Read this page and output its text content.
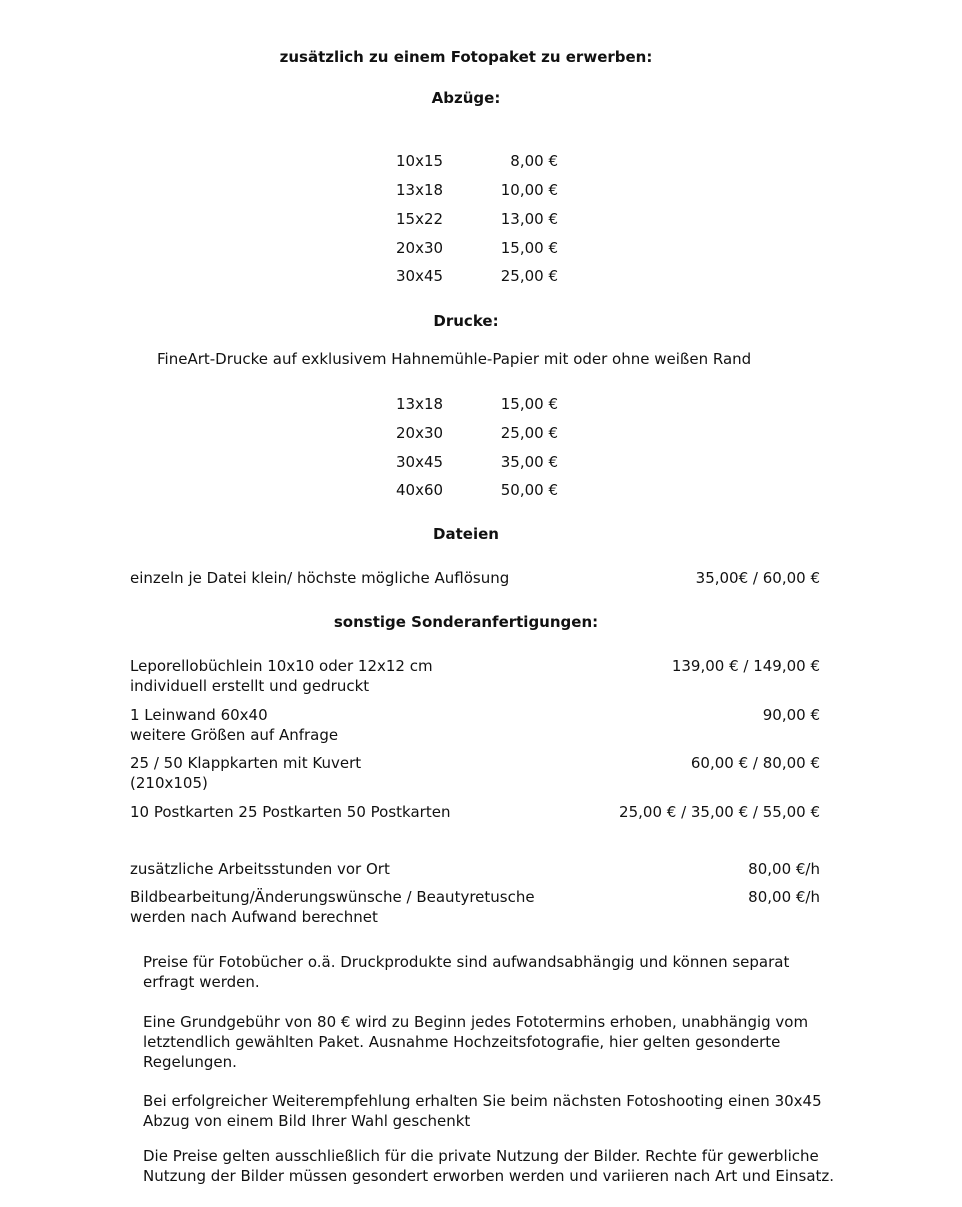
zusätzlich zu einem Fotopaket zu erwerben:
Abzüge:
10x15	8,00 €
13x18	10,00 €
15x22	13,00 €
20x30	15,00 €
30x45	25,00 €
Drucke:
FineArt-Drucke auf exklusivem Hahnemühle-Papier mit oder ohne weißen Rand
13x18	15,00 €
20x30	25,00 €
30x45	35,00 €
40x60	50,00 €
Dateien
einzeln je Datei klein/ höchste mögliche Auflösung	35,00€ / 60,00 €
sonstige Sonderanfertigungen:
Leporellobüchlein 10x10 oder 12x12 cm
individuell erstellt und gedruckt
139,00 € / 149,00 €
1 Leinwand 60x40
weitere Größen auf Anfrage
90,00 €
25 / 50 Klappkarten mit Kuvert
(210x105)
60,00 € / 80,00 €
10 Postkarten 25 Postkarten 50 Postkarten	25,00 € / 35,00 € / 55,00 €
zusätzliche Arbeitsstunden vor Ort	80,00 €/h
Bildbearbeitung/Änderungswünsche / Beautyretusche
werden nach Aufwand berechnet
80,00 €/h
Preise für Fotobücher o.ä. Druckprodukte sind aufwandsabhängig und können separat erfragt werden.
Eine Grundgebühr von 80 € wird zu Beginn jedes Fototermins erhoben, unabhängig vom letztendlich gewählten Paket. Ausnahme Hochzeitsfotografie, hier gelten gesonderte Regelungen.
Bei erfolgreicher Weiterempfehlung erhalten Sie beim nächsten Fotoshooting einen 30x45 Abzug von einem Bild Ihrer Wahl geschenkt
Die Preise gelten ausschließlich für die private Nutzung der Bilder. Rechte für gewerbliche Nutzung der Bilder müssen gesondert erworben werden und variieren nach Art und Einsatz.
